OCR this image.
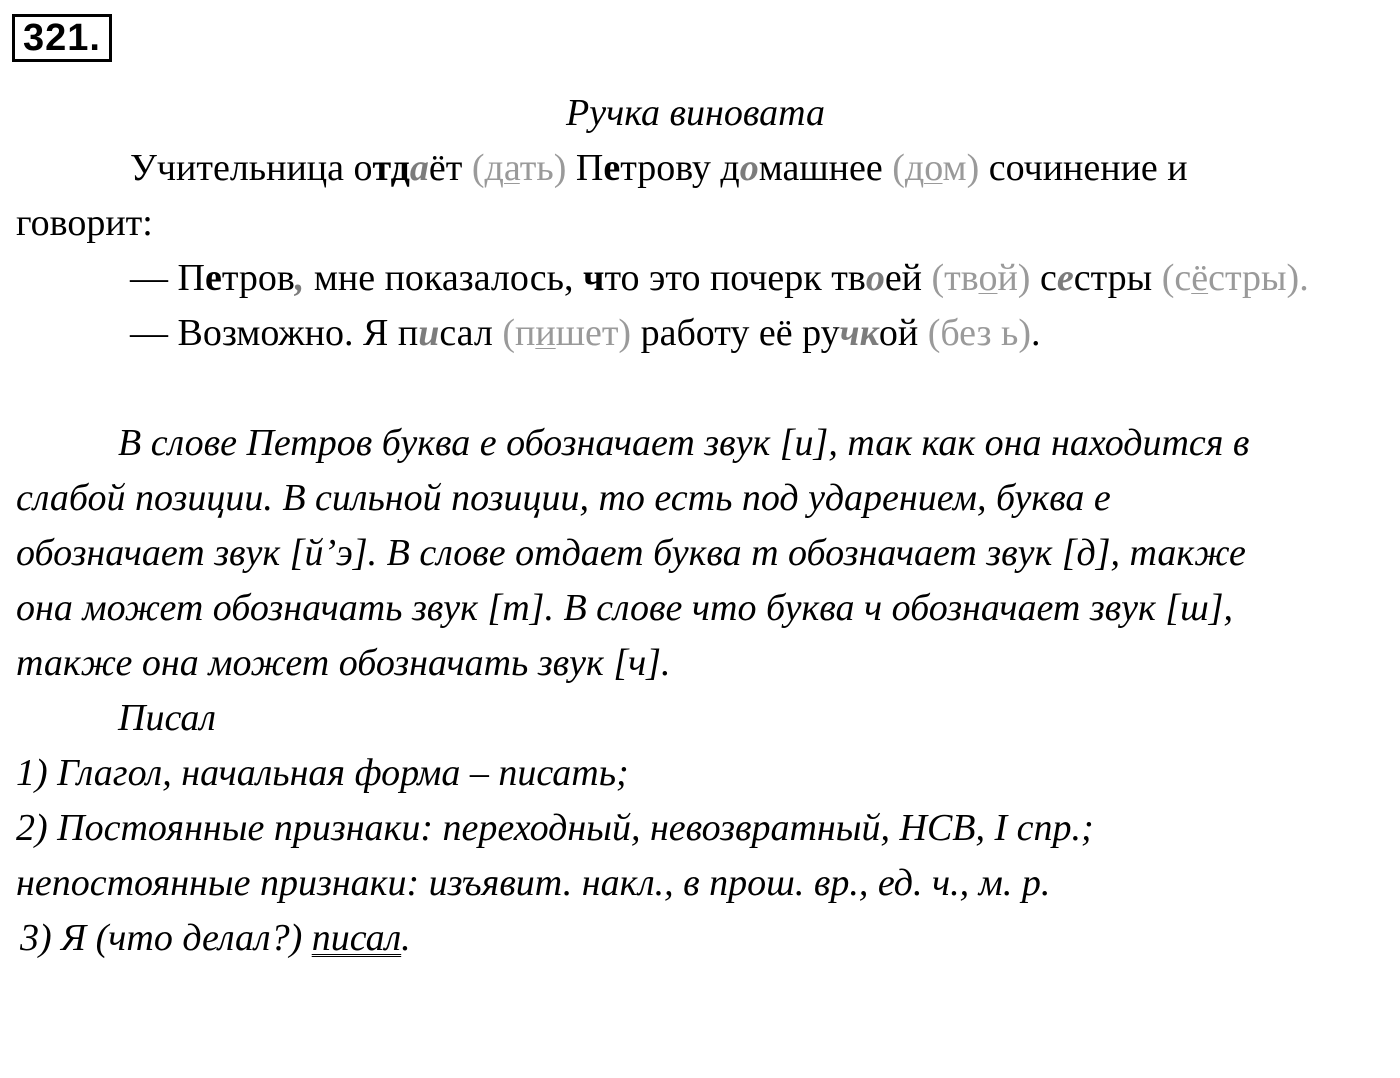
321.
Ручка виновата
Учительница отдаёт (дать) Петрову домашнее (дом) сочинение и
говорит:
— Петров, мне показалось, что это почерк твоей (твой) сестры (сёстры).
— Возможно. Я писал (пишет) работу её ручкой (без ь).
В слове Петров буква е обозначает звук [и], так как она находится в
слабой позиции. В сильной позиции, то есть под ударением, буква е
обозначает звук [й’э]. В слове отдает буква т обозначает звук [д], также
она может обозначать звук [т]. В слове что буква ч обозначает звук [ш],
также она может обозначать звук [ч].
Писал
1) Глагол, начальная форма – писать;
2) Постоянные признаки: переходный, невозвратный, НСВ, I спр.;
непостоянные признаки: изъявит. накл., в прош. вр., ед. ч., м. р.
3) Я (что делал?) писал.
